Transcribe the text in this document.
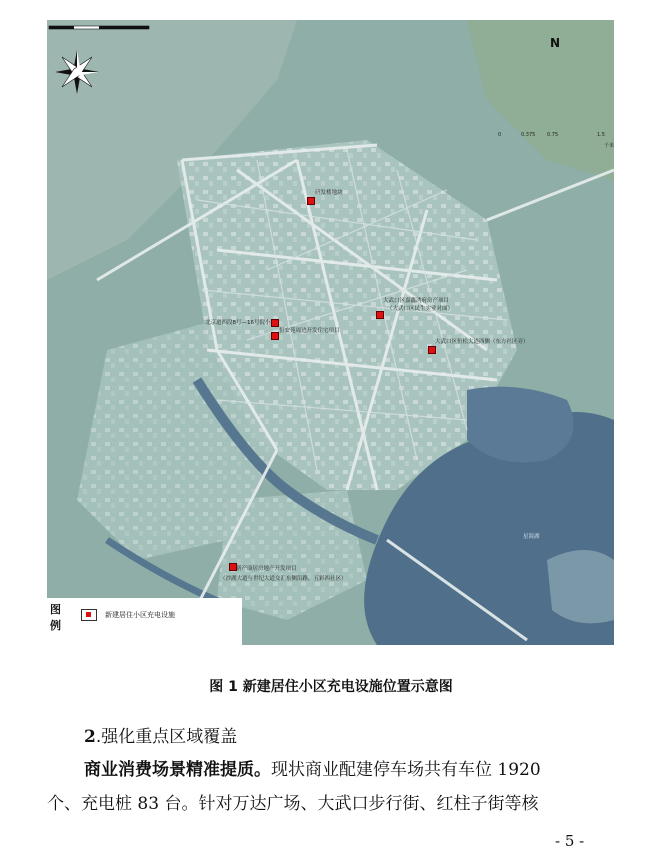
N
0	0.375 0.75	1.5
千米
研发楼地块
大武口区嘉鑫鸿府房产项目
（大武口区民生实业对面）
大武口区恒松大道西侧（东方社区旁）
北京道西段8号—16号院小
恒安苑周边开发住宅项目
新产康居房地产开发项目
（沙湖大道与世纪大道交汇东侧沿路，五彩西社区）
星海湖
图例
新建居住小区充电设施
图 1 新建居住小区充电设施位置示意图
2.强化重点区域覆盖
商业消费场景精准提质。现状商业配建停车场共有车位 1920
个、充电桩 83 台。针对万达广场、大武口步行街、红柱子街等核
- 5 -
